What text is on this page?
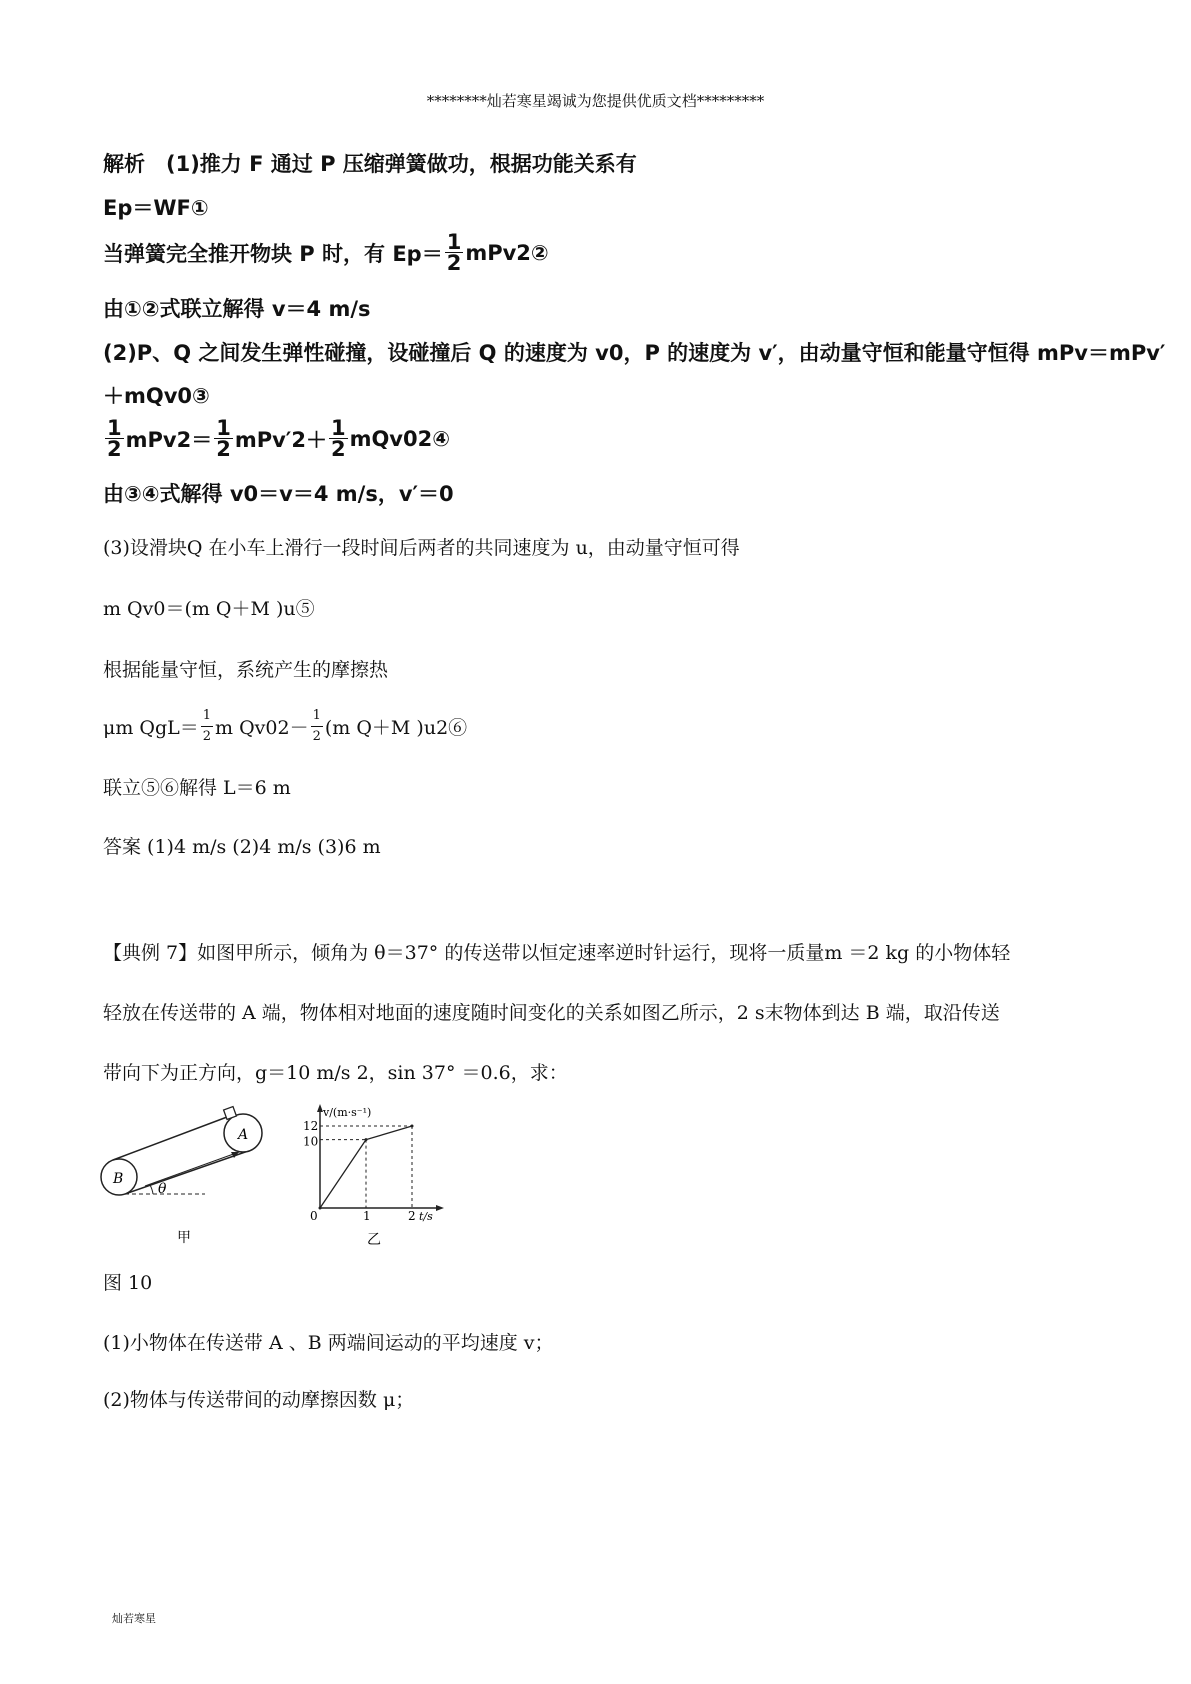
********灿若寒星竭诚为您提供优质文档*********
解析　(1)推力 F 通过 P 压缩弹簧做功，根据功能关系有
Ep＝WF①
当弹簧完全推开物块 P 时，有 $Ep= \frac{1}{2}$ mPv2②
由①②式联立解得 v＝4 m/s
(2)P、Q 之间发生弹性碰撞，设碰撞后 Q 的速度为 v0，P 的速度为 v′，由动量守恒和能量守恒得 mPv＝mPv′
＋mQv0③
$\frac{1}{2} mPv2= \frac{1}{2} mPv'2+ \frac{1}{2}$ mQv02④
由③④式解得 v0＝v＝4 m/s，v′＝0
(3)设滑块Q 在小车上滑行一段时间后两者的共同速度为 u，由动量守恒可得
m Qv0＝(m Q＋M )u⑤
根据能量守恒，系统产生的摩擦热
μm $QgL= \frac{1}{2}$ m $Qv02- \frac{1}{2} (m$ Q＋M )u2⑥
联立⑤⑥解得 L＝6 m
答案 (1)4 m/s (2)4 m/s (3)6 m
【典例 7】如图甲所示，倾角为 θ＝37° 的传送带以恒定速率逆时针运行，现将一质量m ＝2 kg 的小物体轻
轻放在传送带的 A 端，物体相对地面的速度随时间变化的关系如图乙所示，2 s末物体到达 B 端，取沿传送
带向下为正方向，g＝10 m/s 2，sin 37° ＝0.6，求：
θ
A
B
甲
v/(m·s⁻¹)
12
10
0	1	2 t/s
乙
图 10
(1)小物体在传送带 A 、B 两端间运动的平均速度 v；
(2)物体与传送带间的动摩擦因数 μ；
灿若寒星
